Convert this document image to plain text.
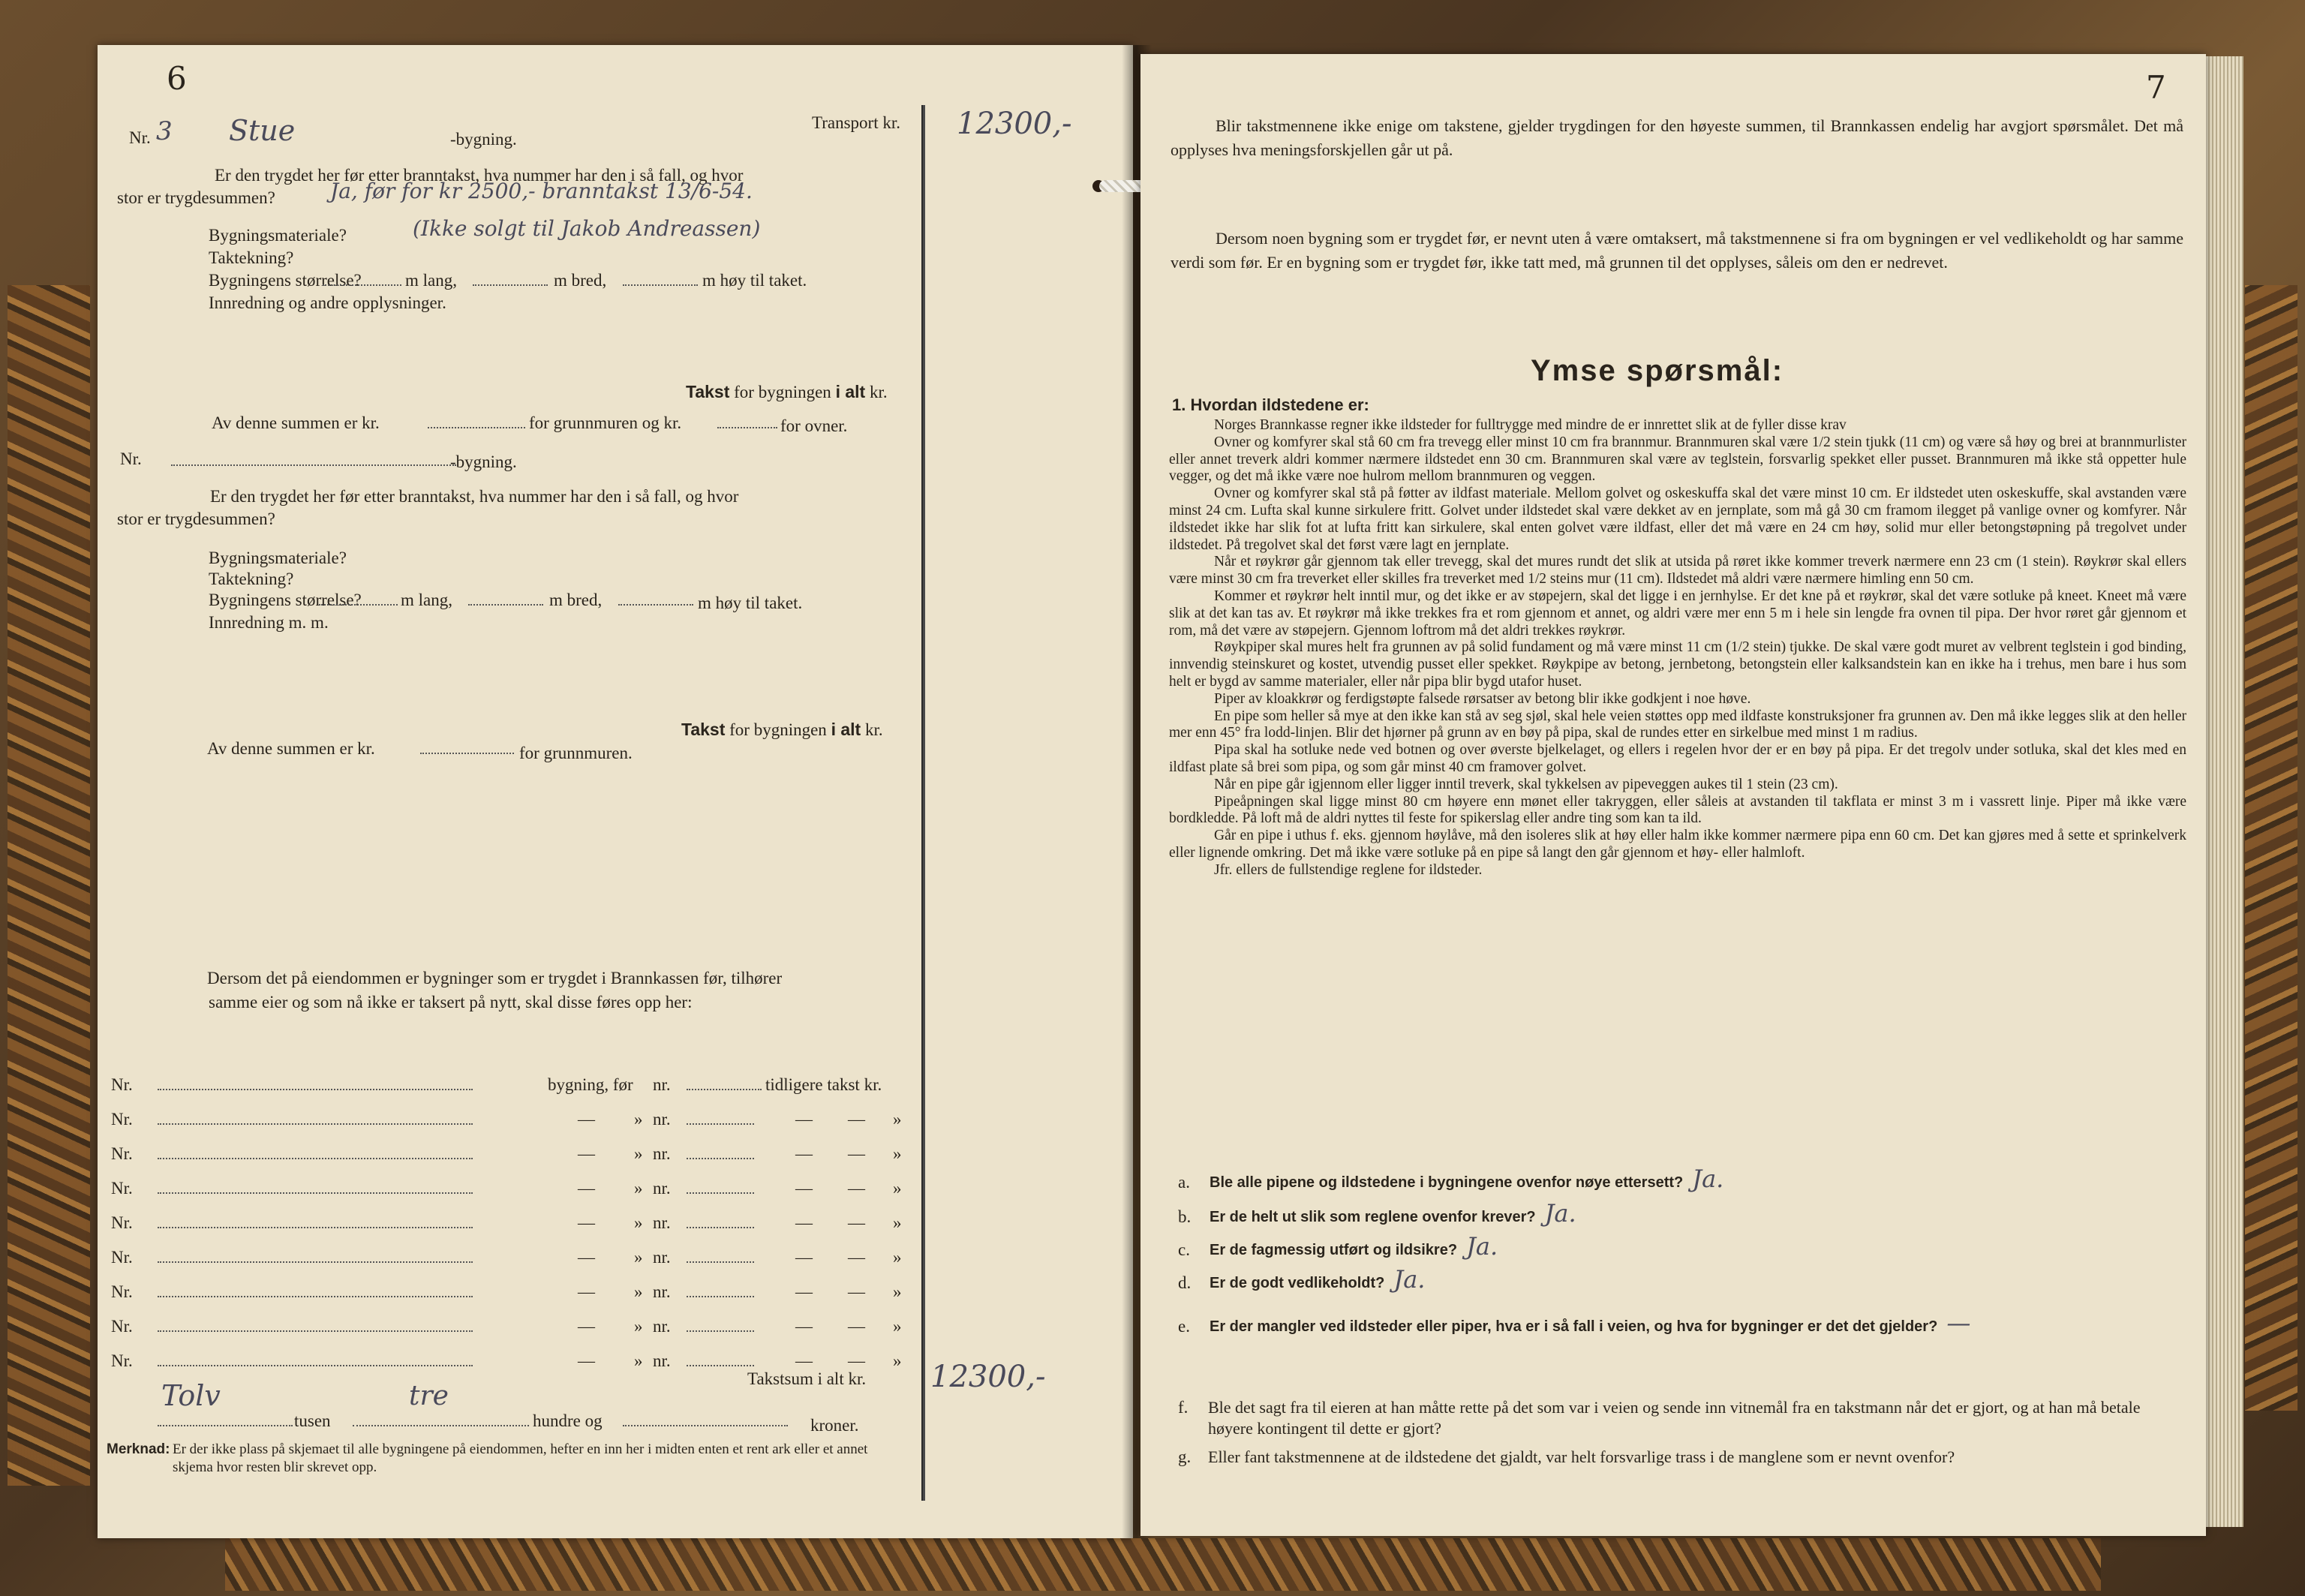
6
Transport kr. 12300,-
Nr. 3 Stue	-bygning.
Er den trygdet her før etter branntakst, hva nummer har den i så fall, og hvor
stor er trygdesummen?	Ja, før for kr 2500,- branntakst 13/6-54.
Bygningsmateriale?	(Ikke solgt til Jakob Andreassen)
Taktekning?
Bygningens størrelse?	m lang,	m bred,	m høy til taket.
Innredning og andre opplysninger.
Takst for bygningen i alt kr.
Av denne summen er kr.	for grunnmuren og kr.	for ovner.
Nr.	-bygning.
Er den trygdet her før etter branntakst, hva nummer har den i så fall, og hvor
stor er trygdesummen?
Bygningsmateriale?
Taktekning?
Bygningens størrelse? m lang,	m bred,	m høy til taket.
Innredning m. m.
Takst for bygningen i alt kr.
Av denne summen er kr.	for grunnmuren.
Dersom det på eiendommen er bygninger som er trygdet i Brannkassen før, tilhører
samme eier og som nå ikke er taksert på nytt, skal disse føres opp her:
Takstsum i alt kr. 12300,-
Tolv
tusen
tre
hundre og	kroner.
Merknad: Er der ikke plass på skjemaet til alle bygningene på eiendommen, hefter en inn her i midten enten et rent ark eller et annet
skjema hvor resten blir skrevet opp.
Nr.	bygning, før nr.	tidligere takst kr.
Nr.	— » nr.	— — »
Nr.	— » nr.	— — »
Nr.	— » nr.	— — »
Nr.	— » nr.	— — »
Nr.	— » nr.	— — »
Nr.	— » nr.	— — »
Nr.	— » nr.	— — »
Nr.	— » nr.	— — »
7

Blir takstmennene ikke enige om takstene, gjelder trygdingen for den høyeste summen, til Brannkassen endelig har avgjort spørsmålet. Det må opplyses hva meningsforskjellen går ut på.

Dersom noen bygning som er trygdet før, er nevnt uten å være omtaksert, må takstmennene si fra om bygningen er vel vedlikeholdt og har samme verdi som før. Er en bygning som er trygdet før, ikke tatt med, må grunnen til det opplyses, såleis om den er nedrevet.

Ymse spørsmål:
1. Hvordan ildstedene er:

Norges Brannkasse regner ikke ildsteder for fulltrygge med mindre de er innrettet slik at de fyller disse krav

Ovner og komfyrer skal stå 60 cm fra trevegg eller minst 10 cm fra brannmur. Brannmuren skal være 1/2 stein tjukk (11 cm) og være så høy og brei at brannmurlister eller annet treverk aldri kommer nærmere ildstedet enn 30 cm. Brannmuren skal være av teglstein, forsvarlig spekket eller pusset. Brannmuren må ikke stå oppetter hule vegger, og det må ikke være noe hulrom mellom brannmuren og veggen.

Ovner og komfyrer skal stå på føtter av ildfast materiale. Mellom golvet og oskeskuffa skal det være minst 10 cm. Er ildstedet uten oskeskuffe, skal avstanden være minst 24 cm. Lufta skal kunne sirkulere fritt. Golvet under ildstedet skal være dekket av en jernplate, som må gå 30 cm framom ilegget på vanlige ovner og komfyrer. Når ildstedet ikke har slik fot at lufta fritt kan sirkulere, skal enten golvet være ildfast, eller det må være en 24 cm høy, solid mur eller betongstøpning på tregolvet under ildstedet. På tregolvet skal det først være lagt en jernplate.

Når et røykrør går gjennom tak eller trevegg, skal det mures rundt det slik at utsida på røret ikke kommer treverk nærmere enn 23 cm (1 stein). Røykrør skal ellers være minst 30 cm fra treverket eller skilles fra treverket med 1/2 steins mur (11 cm). Ildstedet må aldri være nærmere himling enn 50 cm.

Kommer et røykrør helt inntil mur, og det ikke er av støpejern, skal det ligge i en jernhylse. Er det kne på et røykrør, skal det være sotluke på kneet. Kneet må være slik at det kan tas av. Et røykrør må ikke trekkes fra et rom gjennom et annet, og aldri være mer enn 5 m i hele sin lengde fra ovnen til pipa. Der hvor røret går gjennom et rom, må det være av støpejern. Gjennom loftrom må det aldri trekkes røykrør.

Røykpiper skal mures helt fra grunnen av på solid fundament og må være minst 11 cm (1/2 stein) tjukke. De skal være godt muret av velbrent teglstein i god binding, innvendig steinskuret og kostet, utvendig pusset eller spekket. Røykpipe av betong, jernbetong, betongstein eller kalksandstein kan en ikke ha i trehus, men bare i hus som helt er bygd av samme materialer, eller når pipa blir bygd utafor huset.

Piper av kloakkrør og ferdigstøpte falsede rørsatser av betong blir ikke godkjent i noe høve.

En pipe som heller så mye at den ikke kan stå av seg sjøl, skal hele veien støttes opp med ildfaste konstruksjoner fra grunnen av. Den må ikke legges slik at den heller mer enn 45° fra lodd-linjen. Blir det hjørner på grunn av en bøy på pipa, skal de rundes etter en sirkelbue med minst 1 m radius.

Pipa skal ha sotluke nede ved botnen og over øverste bjelkelaget, og ellers i regelen hvor der er en bøy på pipa. Er det tregolv under sotluka, skal det kles med en ildfast plate så brei som pipa, og som går minst 40 cm framover golvet.

Når en pipe går igjennom eller ligger inntil treverk, skal tykkelsen av pipeveggen aukes til 1 stein (23 cm).

Pipeåpningen skal ligge minst 80 cm høyere enn mønet eller takryggen, eller såleis at avstanden til takflata er minst 3 m i vassrett linje. Piper må ikke være bordkledde. På loft må de aldri nyttes til feste for spikerslag eller andre ting som kan ta ild.

Går en pipe i uthus f. eks. gjennom høylåve, må den isoleres slik at høy eller halm ikke kommer nærmere pipa enn 60 cm. Det kan gjøres med å sette et sprinkelverk eller lignende omkring. Det må ikke være sotluke på en pipe så langt den går gjennom et høy- eller halmloft.

Jfr. ellers de fullstendige reglene for ildsteder.

f. Ble det sagt fra til eieren at han måtte rette på det som var i veien og sende inn vitnemål fra en takstmann når det er gjort, og at han må betale høyere kontingent til dette er gjort?

g. Eller fant takstmennene at de ildstedene det gjaldt, var helt forsvarlige trass i de manglene som er nevnt ovenfor?

a. Ble alle pipene og ildstedene i bygningene ovenfor nøye ettersett? Ja.
b. Er de helt ut slik som reglene ovenfor krever? Ja.
c. Er de fagmessig utført og ildsikre? Ja.
d. Er de godt vedlikeholdt? Ja.
e. Er der mangler ved ildsteder eller piper, hva er i så fall i veien, og hva for bygninger er det det gjelder? —
